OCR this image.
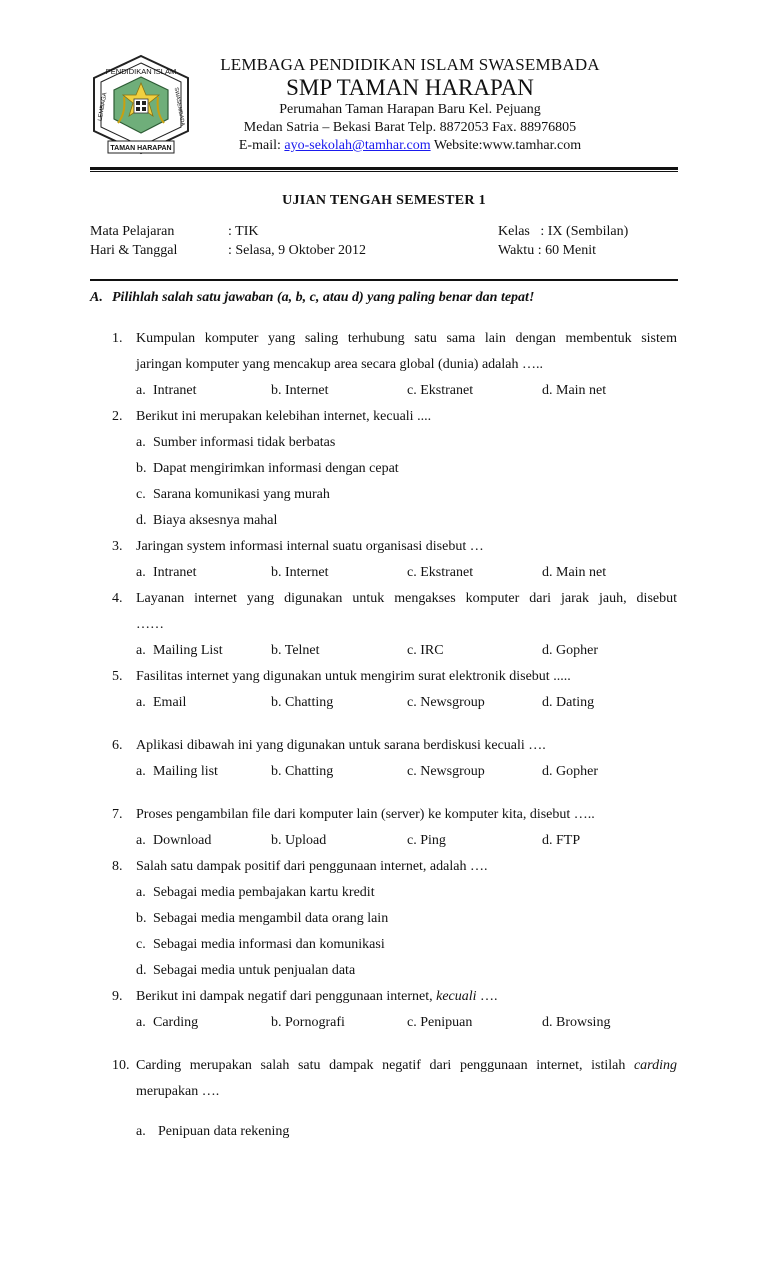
PENDIDIKAN ISLAM
LEMBAGA	SWASEMBADA
TAMAN HARAPAN
LEMBAGA PENDIDIKAN ISLAM SWASEMBADA
SMP TAMAN HARAPAN
Perumahan Taman Harapan Baru Kel. Pejuang
Medan Satria – Bekasi Barat Telp. 8872053 Fax. 88976805
E-mail: ayo-sekolah@tamhar.com Website:www.tamhar.com
UJIAN TENGAH SEMESTER 1
Mata Pelajaran	: TIK	Kelas   : IX (Sembilan)
Hari & Tanggal	: Selasa, 9 Oktober 2012	Waktu : 60 Menit
A. Pilihlah salah satu jawaban (a, b, c, atau d) yang paling benar dan tepat!
1. Kumpulan komputer yang saling terhubung satu sama lain dengan membentuk sistem
jaringan komputer yang mencakup area secara global (dunia) adalah …..
a. Intranet	b. Internet	c. Ekstranet	d. Main net
2. Berikut ini merupakan kelebihan internet, kecuali ....
a. Sumber informasi tidak berbatas
b. Dapat mengirimkan informasi dengan cepat
c. Sarana komunikasi yang murah
d. Biaya aksesnya mahal
3. Jaringan system informasi internal suatu organisasi disebut …
a. Intranet	b. Internet	c. Ekstranet	d. Main net
4. Layanan internet yang digunakan untuk mengakses komputer dari jarak jauh, disebut
……
a. Mailing List	b. Telnet	c. IRC	d. Gopher
5. Fasilitas internet yang digunakan untuk mengirim surat elektronik disebut .....
a. Email	b. Chatting	c. Newsgroup	d. Dating
6. Aplikasi dibawah ini yang digunakan untuk sarana berdiskusi kecuali ….
a. Mailing list	b. Chatting	c. Newsgroup	d. Gopher
7. Proses pengambilan file dari komputer lain (server) ke komputer kita, disebut …..
a. Download	b. Upload	c. Ping	d. FTP
8. Salah satu dampak positif dari penggunaan internet, adalah ….
a. Sebagai media pembajakan kartu kredit
b. Sebagai media mengambil data orang lain
c. Sebagai media informasi dan komunikasi
d. Sebagai media untuk penjualan data
9. Berikut ini dampak negatif dari penggunaan internet, kecuali ….
a. Carding	b. Pornografi	c. Penipuan	d. Browsing
10. Carding merupakan salah satu dampak negatif dari penggunaan internet, istilah carding
merupakan ….
a. Penipuan data rekening
